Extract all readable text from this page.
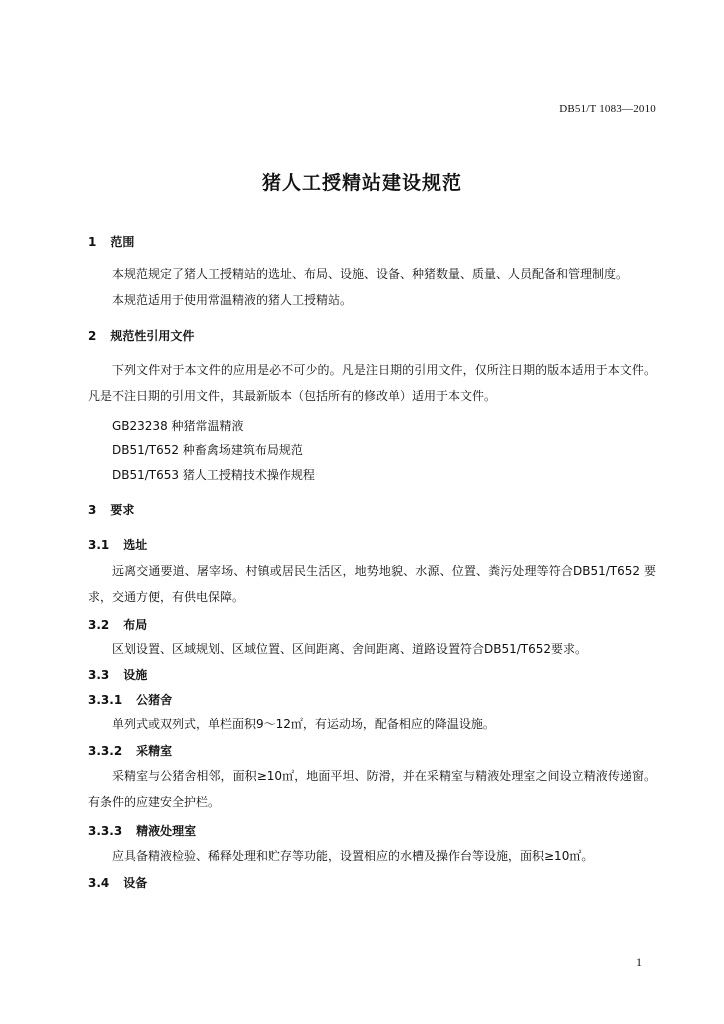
DB51/T 1083—2010
猪人工授精站建设规范
1 范围
本规范规定了猪人工授精站的选址、布局、设施、设备、种猪数量、质量、人员配备和管理制度。
本规范适用于使用常温精液的猪人工授精站。
2 规范性引用文件
下列文件对于本文件的应用是必不可少的。凡是注日期的引用文件，仅所注日期的版本适用于本文件。凡是不注日期的引用文件，其最新版本（包括所有的修改单）适用于本文件。
GB23238 种猪常温精液
DB51/T652 种畜禽场建筑布局规范
DB51/T653 猪人工授精技术操作规程
3 要求
3.1 选址
远离交通要道、屠宰场、村镇或居民生活区，地势地貌、水源、位置、粪污处理等符合DB51/T652 要求，交通方便，有供电保障。
3.2 布局
区划设置、区域规划、区域位置、区间距离、舍间距离、道路设置符合DB51/T652要求。
3.3 设施
3.3.1 公猪舍
单列式或双列式，单栏面积9～12㎡，有运动场，配备相应的降温设施。
3.3.2 采精室
采精室与公猪舍相邻，面积≥10㎡，地面平坦、防滑，并在采精室与精液处理室之间设立精液传递窗。有条件的应建安全护栏。
3.3.3 精液处理室
应具备精液检验、稀释处理和贮存等功能，设置相应的水槽及操作台等设施，面积≥10㎡。
3.4 设备
1
